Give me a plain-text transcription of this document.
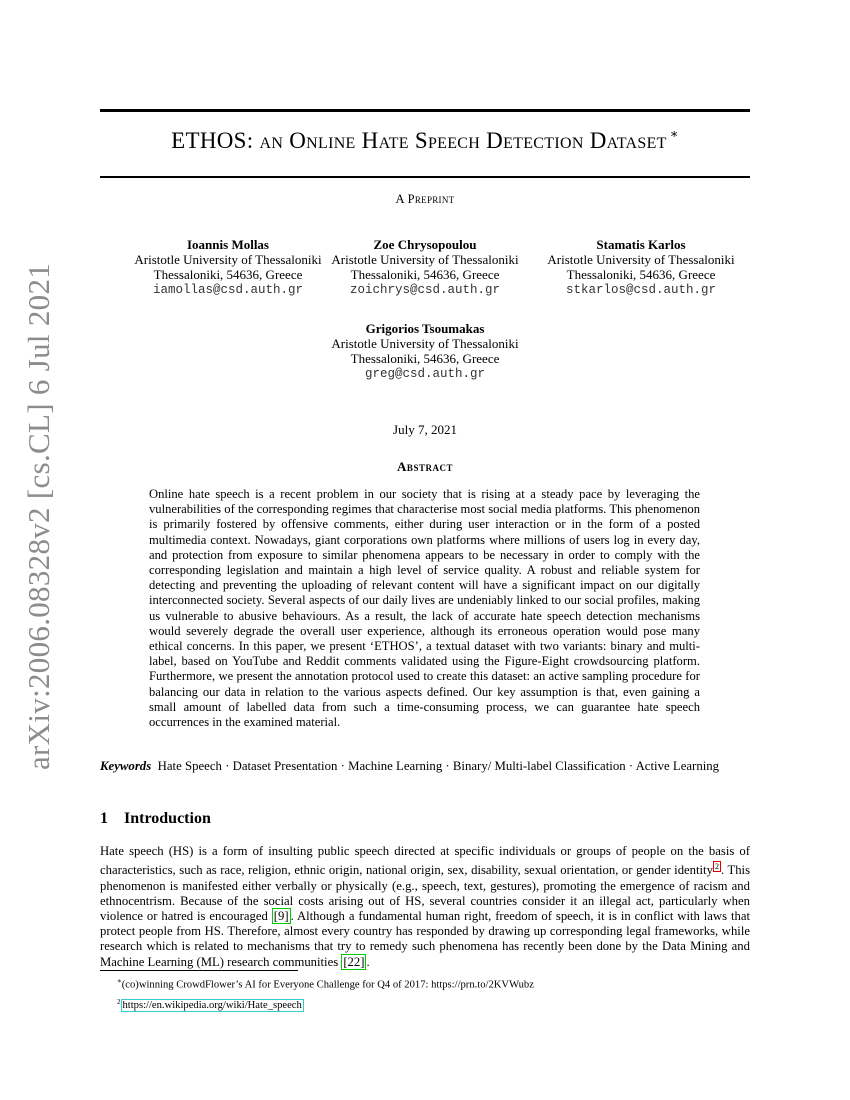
arXiv:2006.08328v2 [cs.CL] 6 Jul 2021
ETHOS: an Online Hate Speech Detection Dataset ∗
A Preprint
Ioannis Mollas
Aristotle University of Thessaloniki
Thessaloniki, 54636, Greece
iamollas@csd.auth.gr
Zoe Chrysopoulou
Aristotle University of Thessaloniki
Thessaloniki, 54636, Greece
zoichrys@csd.auth.gr
Stamatis Karlos
Aristotle University of Thessaloniki
Thessaloniki, 54636, Greece
stkarlos@csd.auth.gr
Grigorios Tsoumakas
Aristotle University of Thessaloniki
Thessaloniki, 54636, Greece
greg@csd.auth.gr
July 7, 2021
Abstract
Online hate speech is a recent problem in our society that is rising at a steady pace by leveraging the vulnerabilities of the corresponding regimes that characterise most social media platforms. This phenomenon is primarily fostered by offensive comments, either during user interaction or in the form of a posted multimedia context. Nowadays, giant corporations own platforms where millions of users log in every day, and protection from exposure to similar phenomena appears to be necessary in order to comply with the corresponding legislation and maintain a high level of service quality. A robust and reliable system for detecting and preventing the uploading of relevant content will have a significant impact on our digitally interconnected society. Several aspects of our daily lives are undeniably linked to our social profiles, making us vulnerable to abusive behaviours. As a result, the lack of accurate hate speech detection mechanisms would severely degrade the overall user experience, although its erroneous operation would pose many ethical concerns. In this paper, we present ‘ETHOS’, a textual dataset with two variants: binary and multi-label, based on YouTube and Reddit comments validated using the Figure-Eight crowdsourcing platform. Furthermore, we present the annotation protocol used to create this dataset: an active sampling procedure for balancing our data in relation to the various aspects defined. Our key assumption is that, even gaining a small amount of labelled data from such a time-consuming process, we can guarantee hate speech occurrences in the examined material.
Keywords Hate Speech · Dataset Presentation · Machine Learning · Binary/ Multi-label Classification · Active Learning
1 Introduction
Hate speech (HS) is a form of insulting public speech directed at specific individuals or groups of people on the basis of characteristics, such as race, religion, ethnic origin, national origin, sex, disability, sexual orientation, or gender identity $^2$ . This phenomenon is manifested either verbally or physically (e.g., speech, text, gestures), promoting the emergence of racism and ethnocentrism. Because of the social costs arising out of HS, several countries consider it an illegal act, particularly when violence or hatred is encouraged [9] . Although a fundamental human right, freedom of speech, it is in conflict with laws that protect people from HS. Therefore, almost every country has responded by drawing up corresponding legal frameworks, while research which is related to mechanisms that try to remedy such phenomena has recently been done by the Data Mining and Machine Learning (ML) research communities [22] .
∗(co)winning CrowdFlower’s AI for Everyone Challenge for Q4 of 2017: https://prn.to/2KVWubz
$^2$ https://en.wikipedia.org/wiki/Hate_speech
